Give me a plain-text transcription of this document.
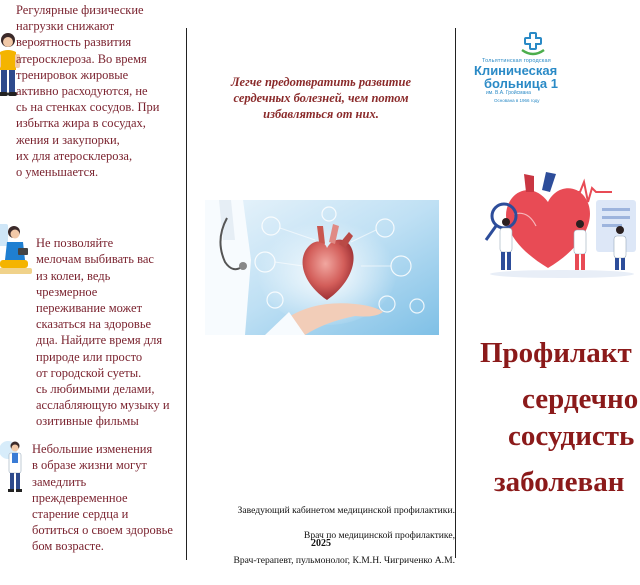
Регулярные физические
нагрузки снижают
вероятность развития
атеросклероза. Во время
тренировок жировые
активно расходуются, не
сь на стенках сосудов. При
избытка жира в сосудах,
жения и закупорки,
их для атеросклероза,
о уменьшается.

Не позволяйте
мелочам выбивать вас
из колеи, ведь
чрезмерное
переживание может
сказаться на здоровье
дца. Найдите время для
природе или просто
от городской суеты.
сь любимыми делами,
асслабляющую музыку и
озитивные фильмы

Небольшие изменения
в образе жизни могут
замедлить
преждевременное
старение сердца и
ботиться о своем здоровье
бом возрасте.

Легче предотвратить развитие
сердечных болезней, чем потом
избавляться от них.

Заведующий кабинетом медицинской профилактики.

Врач по медицинской профилактике,

Врач-терапевт, пульмонолог, К.М.Н. Чигриченко А.М.

2025
Тольяттинская городская
Клиническая
больница 1
им. В.А. Гройсмана
Основана в 1966 году
Профилакт
сердечно
сосудисть
заболеван
